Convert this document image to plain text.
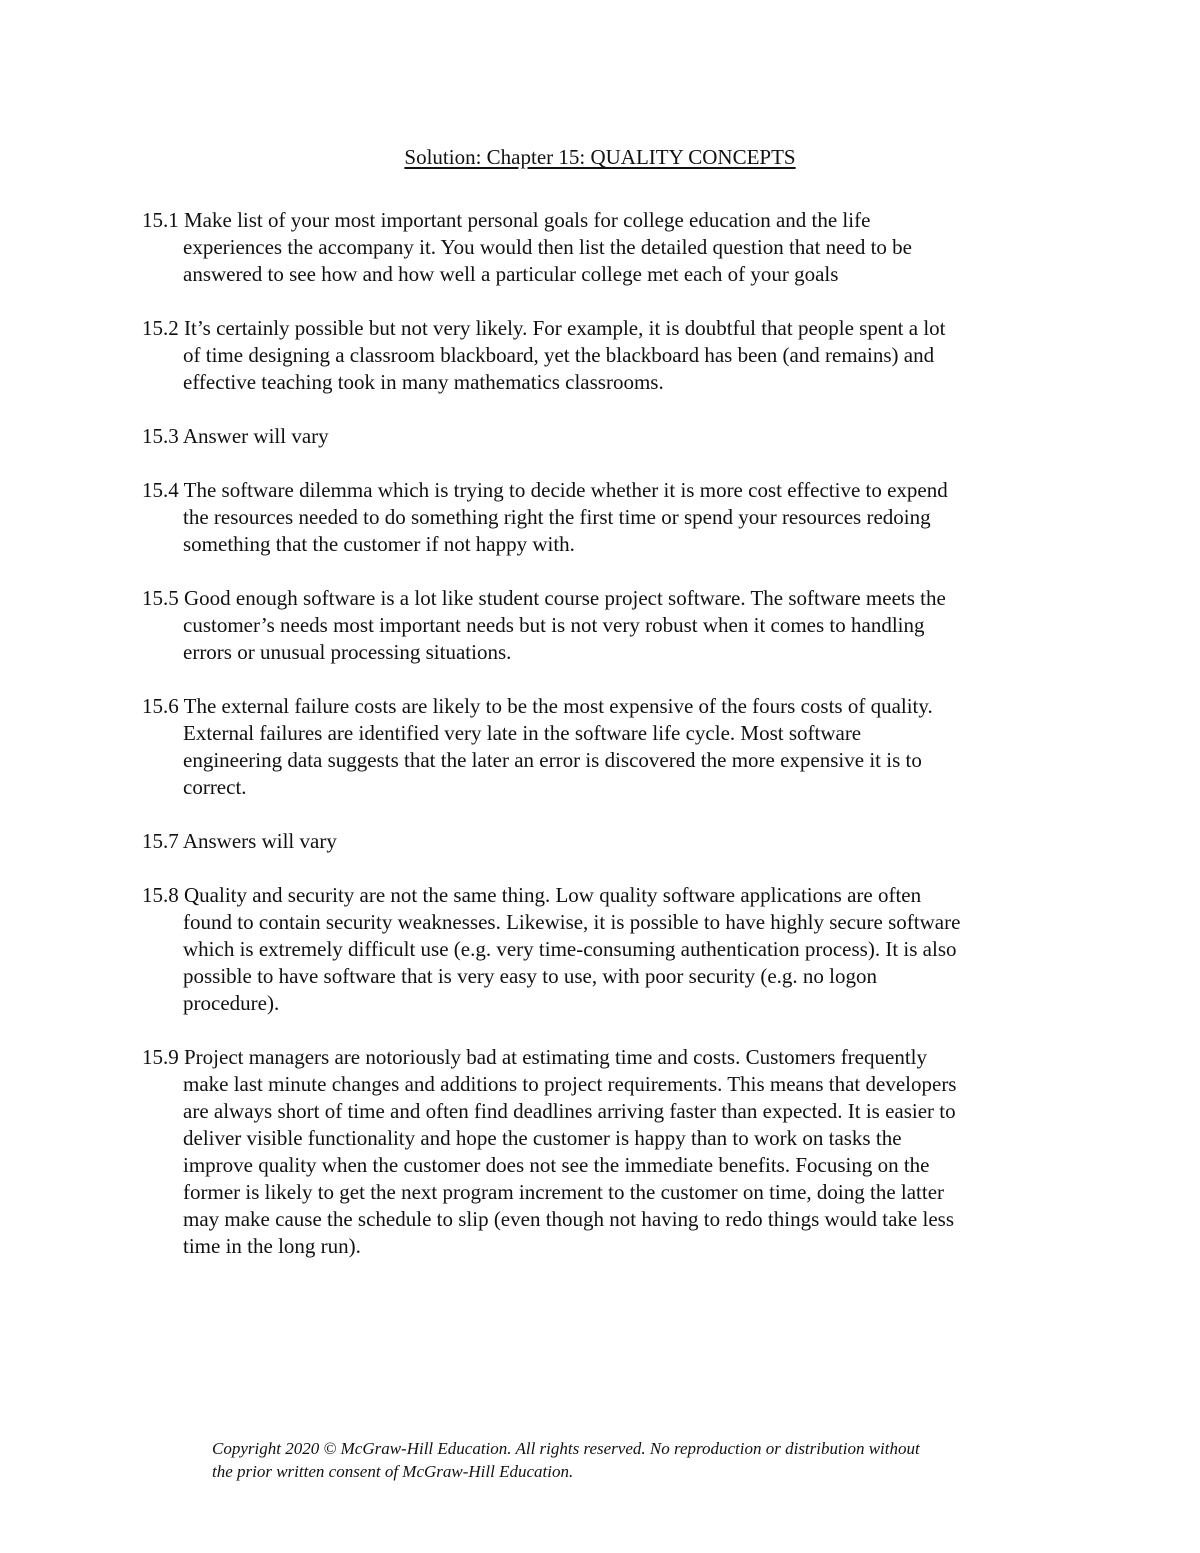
Solution: Chapter 15: QUALITY CONCEPTS
15.1 Make list of your most important personal goals for college education and the life
experiences the accompany it. You would then list the detailed question that need to be
answered to see how and how well a particular college met each of your goals
15.2 It’s certainly possible but not very likely. For example, it is doubtful that people spent a lot
of time designing a classroom blackboard, yet the blackboard has been (and remains) and
effective teaching took in many mathematics classrooms.
15.3 Answer will vary
15.4 The software dilemma which is trying to decide whether it is more cost effective to expend
the resources needed to do something right the first time or spend your resources redoing
something that the customer if not happy with.
15.5 Good enough software is a lot like student course project software. The software meets the
customer’s needs most important needs but is not very robust when it comes to handling
errors or unusual processing situations.
15.6 The external failure costs are likely to be the most expensive of the fours costs of quality.
External failures are identified very late in the software life cycle. Most software
engineering data suggests that the later an error is discovered the more expensive it is to
correct.
15.7 Answers will vary
15.8 Quality and security are not the same thing. Low quality software applications are often
found to contain security weaknesses. Likewise, it is possible to have highly secure software
which is extremely difficult use (e.g. very time-consuming authentication process). It is also
possible to have software that is very easy to use, with poor security (e.g. no logon
procedure).
15.9 Project managers are notoriously bad at estimating time and costs. Customers frequently
make last minute changes and additions to project requirements. This means that developers
are always short of time and often find deadlines arriving faster than expected. It is easier to
deliver visible functionality and hope the customer is happy than to work on tasks the
improve quality when the customer does not see the immediate benefits. Focusing on the
former is likely to get the next program increment to the customer on time, doing the latter
may make cause the schedule to slip (even though not having to redo things would take less
time in the long run).
Copyright 2020 © McGraw-Hill Education. All rights reserved. No reproduction or distribution without
the prior written consent of McGraw-Hill Education.
